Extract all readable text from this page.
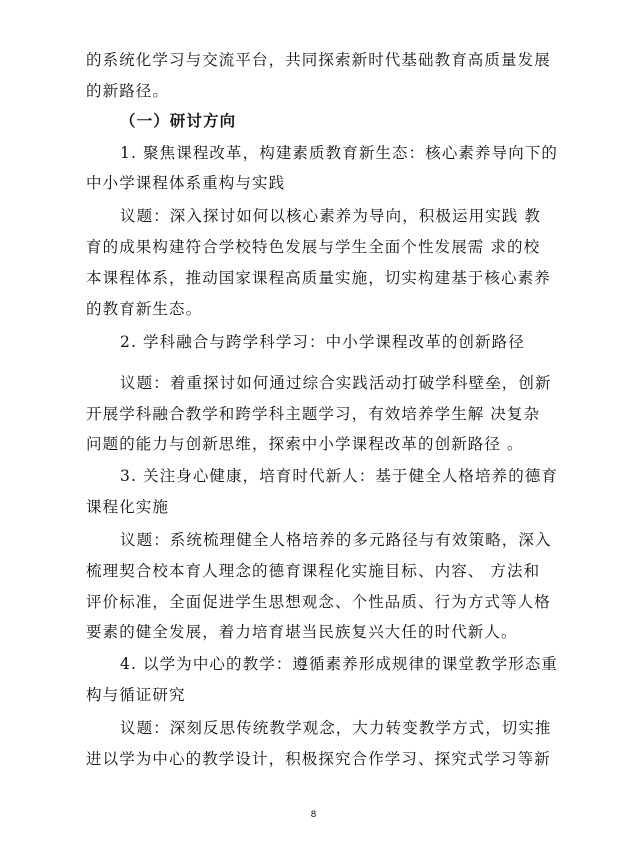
的系统化学习与交流平台，共同探索新时代基础教育高质量发展
的新路径。
（一）研讨方向
1. 聚焦课程改革，构建素质教育新生态：核心素养导向下的
中小学课程体系重构与实践
议题：深入探讨如何以核心素养为导向，积极运用实践 教
育的成果构建符合学校特色发展与学生全面个性发展需 求的校
本课程体系，推动国家课程高质量实施，切实构建基于核心素养
的教育新生态。
2. 学科融合与跨学科学习：中小学课程改革的创新路径
议题：着重探讨如何通过综合实践活动打破学科壁垒，创新
开展学科融合教学和跨学科主题学习，有效培养学生解 决复杂
问题的能力与创新思维，探索中小学课程改革的创新路径 。
3. 关注身心健康，培育时代新人：基于健全人格培养的德育
课程化实施
议题：系统梳理健全人格培养的多元路径与有效策略，深入
梳理契合校本育人理念的德育课程化实施目标、内容、 方法和
评价标准，全面促进学生思想观念、个性品质、行为方式等人格
要素的健全发展，着力培育堪当民族复兴大任的时代新人。
4. 以学为中心的教学：遵循素养形成规律的课堂教学形态重
构与循证研究
议题：深刻反思传统教学观念，大力转变教学方式，切实推
进以学为中心的教学设计，积极探究合作学习、探究式学习等新
8
